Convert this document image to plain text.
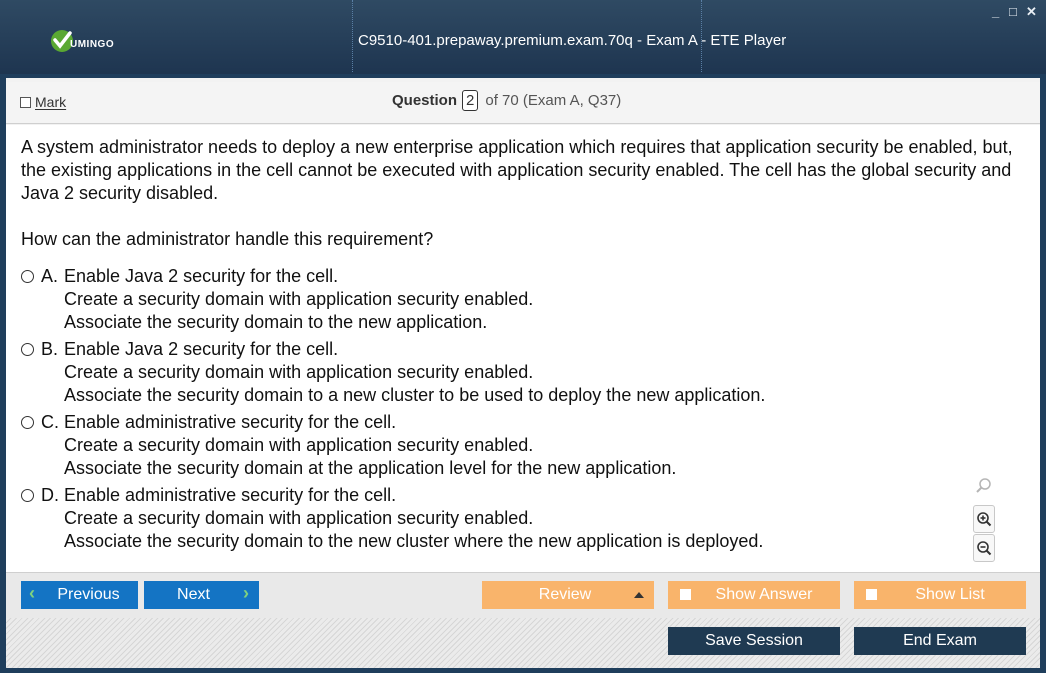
UMINGO	C9510-401.prepaway.premium.exam.70q - Exam A - ETE Player
_ □ ✕
Mark	Question 2 of 70 (Exam A, Q37)
A system administrator needs to deploy a new enterprise application which requires that application security be enabled, but, the existing applications in the cell cannot be executed with application security enabled. The cell has the global security and Java 2 security disabled.
How can the administrator handle this requirement?
A. Enable Java 2 security for the cell.
Create a security domain with application security enabled.
Associate the security domain to the new application.
B. Enable Java 2 security for the cell.
Create a security domain with application security enabled.
Associate the security domain to a new cluster to be used to deploy the new application.
C. Enable administrative security for the cell.
Create a security domain with application security enabled.
Associate the security domain at the application level for the new application.
D. Enable administrative security for the cell.
Create a security domain with application security enabled.
Associate the security domain to the new cluster where the new application is deployed.
‹ Previous	Next ›	Review	Show Answer	Show List
Save Session	End Exam
